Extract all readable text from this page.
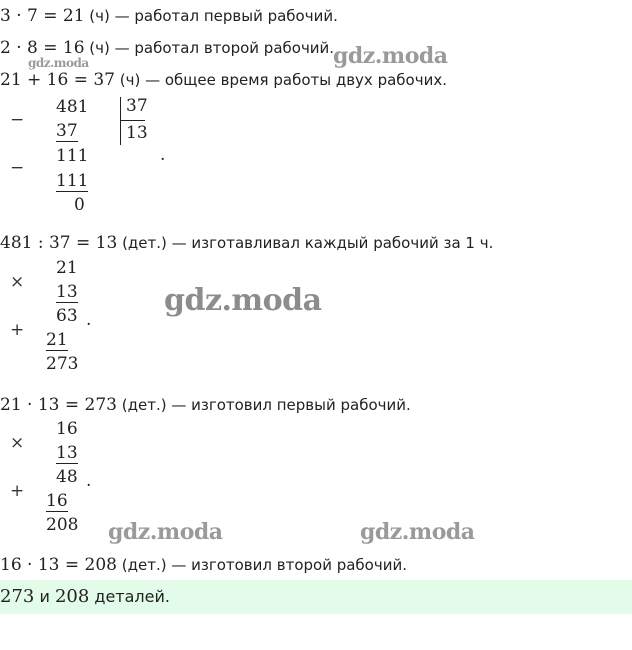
3 · 7 = 21 (ч) — работал первый рабочий.
2 · 8 = 16 (ч) — работал второй рабочий.
gdz.moda	gdz.moda
21 + 16 = 37 (ч) — общее время работы двух рабочих.
−
481
37
37
13
−
111
111
0
.
481 : 37 = 13 (дет.) — изготавливал каждый рабочий за 1 ч.
×
21
13
63 .
+ 21
273
gdz.moda
21 · 13 = 273 (дет.) — изготовил первый рабочий.
×
16
13
48 .
+ 16
208 gdz.moda	gdz.moda
16 · 13 = 208 (дет.) — изготовил второй рабочий.
273 и 208 деталей.
